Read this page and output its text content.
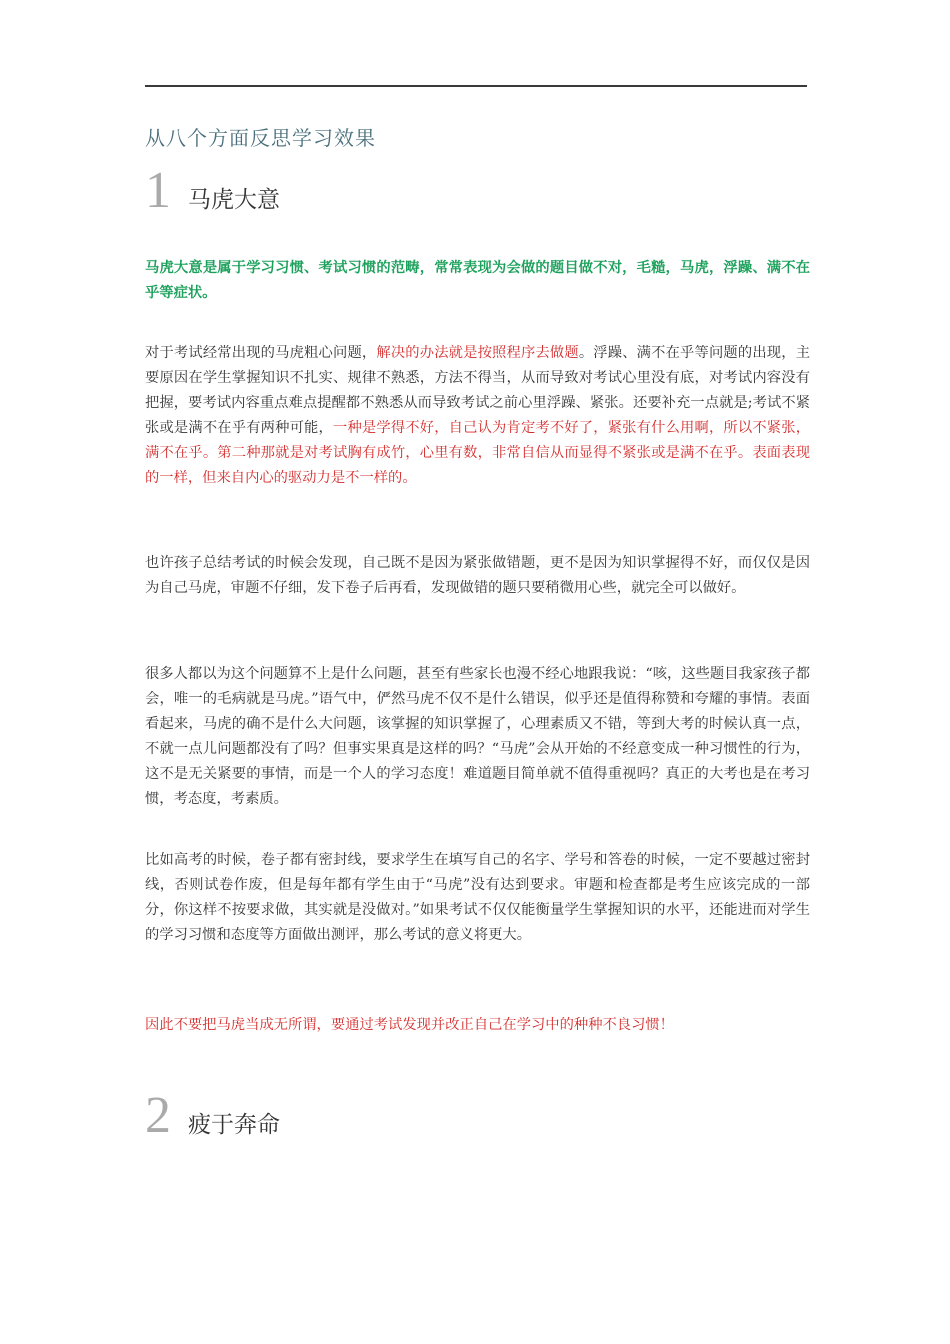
从八个方面反思学习效果
1 马虎大意

马虎大意是属于学习习惯、考试习惯的范畴，常常表现为会做的题目做不对，毛糙，马虎，浮躁、满不在乎等症状。

对于考试经常出现的马虎粗心问题，解决的办法就是按照程序去做题。浮躁、满不在乎等问题的出现，主要原因在学生掌握知识不扎实、规律不熟悉，方法不得当，从而导致对考试心里没有底，对考试内容没有把握，要考试内容重点难点提醒都不熟悉从而导致考试之前心里浮躁、紧张。还要补充一点就是;考试不紧张或是满不在乎有两种可能，一种是学得不好，自己认为肯定考不好了，紧张有什么用啊，所以不紧张，满不在乎。第二种那就是对考试胸有成竹，心里有数，非常自信从而显得不紧张或是满不在乎。表面表现的一样，但来自内心的驱动力是不一样的。

也许孩子总结考试的时候会发现，自己既不是因为紧张做错题，更不是因为知识掌握得不好，而仅仅是因为自己马虎，审题不仔细，发下卷子后再看，发现做错的题只要稍微用心些，就完全可以做好。

很多人都以为这个问题算不上是什么问题，甚至有些家长也漫不经心地跟我说：“咳，这些题目我家孩子都会，唯一的毛病就是马虎。”语气中，俨然马虎不仅不是什么错误，似乎还是值得称赞和夸耀的事情。表面看起来，马虎的确不是什么大问题，该掌握的知识掌握了，心理素质又不错，等到大考的时候认真一点，不就一点儿问题都没有了吗？但事实果真是这样的吗？“马虎”会从开始的不经意变成一种习惯性的行为，这不是无关紧要的事情，而是一个人的学习态度！难道题目简单就不值得重视吗？真正的大考也是在考习惯，考态度，考素质。

比如高考的时候，卷子都有密封线，要求学生在填写自己的名字、学号和答卷的时候，一定不要越过密封线，否则试卷作废，但是每年都有学生由于“马虎”没有达到要求。审题和检查都是考生应该完成的一部分，你这样不按要求做，其实就是没做对。”如果考试不仅仅能衡量学生掌握知识的水平，还能进而对学生的学习习惯和态度等方面做出测评，那么考试的意义将更大。

因此不要把马虎当成无所谓，要通过考试发现并改正自己在学习中的种种不良习惯！

2 疲于奔命
